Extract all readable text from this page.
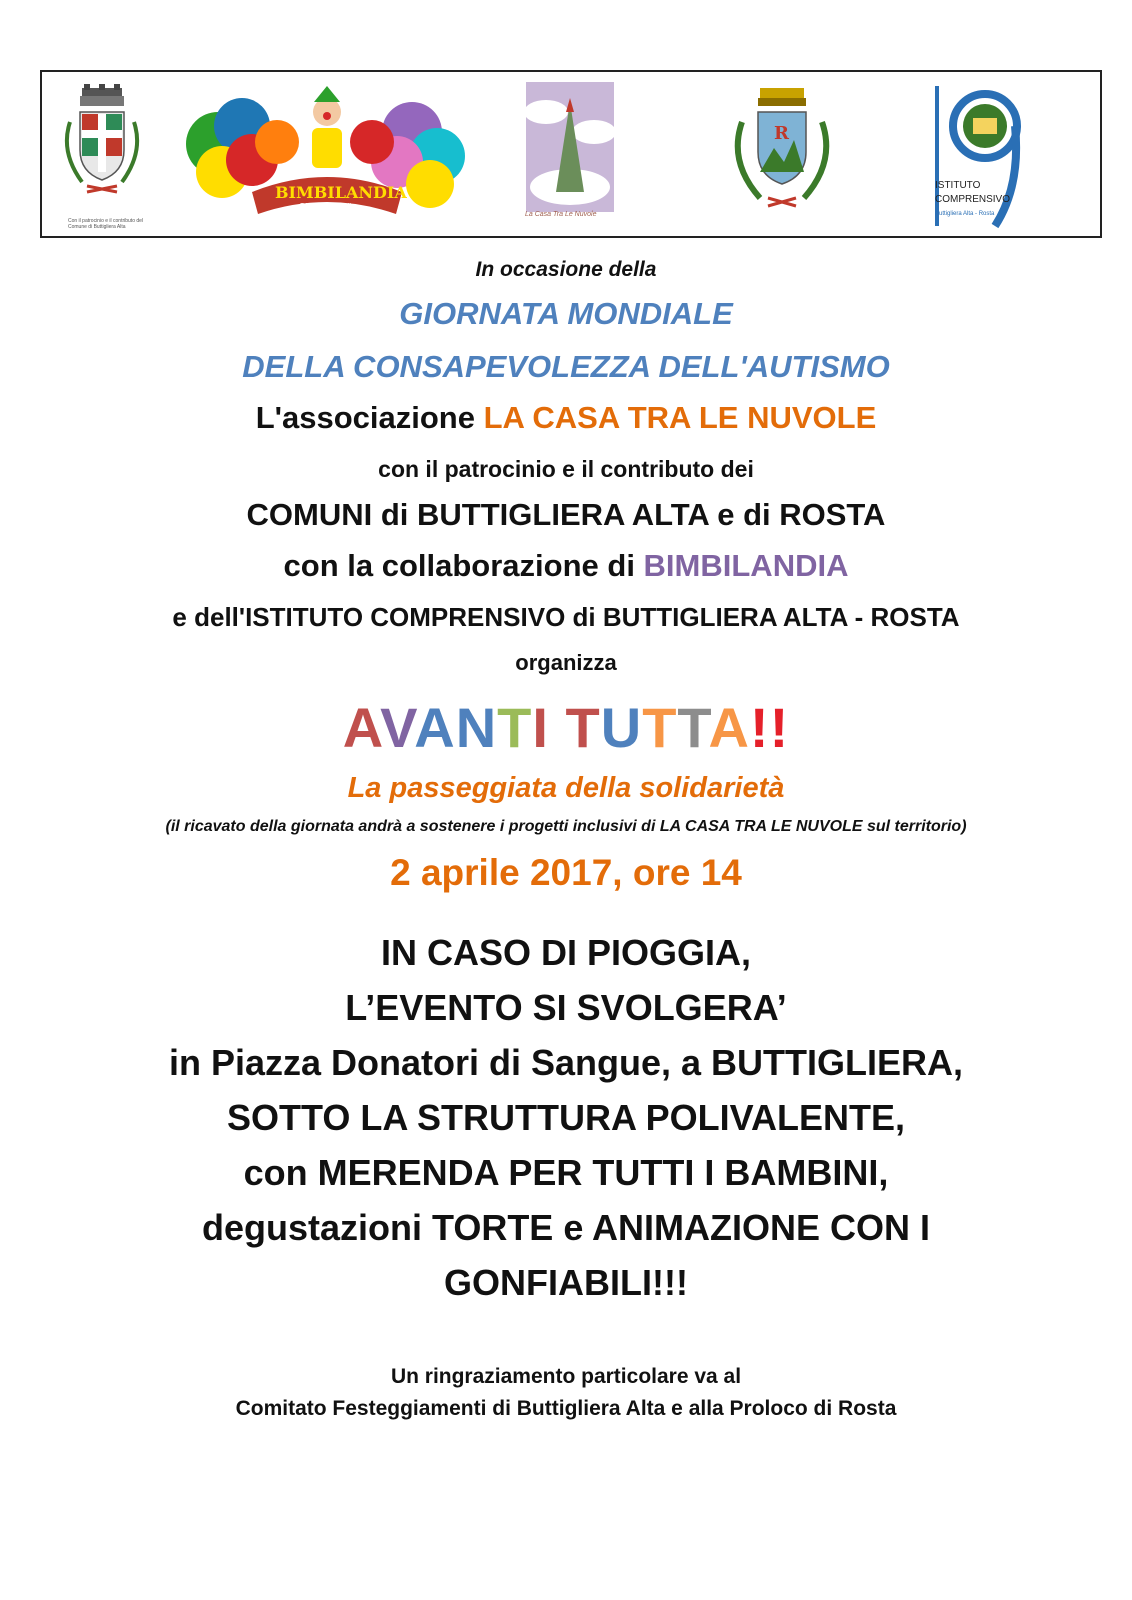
Con il patrocinio e il contributo del Comune di Buttigliera Alta
BIMBILANDIA
PARCO GIOCHI
La Casa Tra Le Nuvole
R
ISTITUTO
COMPRENSIVO
Buttigliera Alta - Rosta
In occasione della
GIORNATA MONDIALE
DELLA CONSAPEVOLEZZA DELL'AUTISMO
L'associazione LA CASA TRA LE NUVOLE
con il patrocinio e il contributo dei
COMUNI di BUTTIGLIERA ALTA e di ROSTA
con la collaborazione di BIMBILANDIA
e dell'ISTITUTO COMPRENSIVO di BUTTIGLIERA ALTA - ROSTA
organizza
AVANTI TUTTA!!
La passeggiata della solidarietà
(il ricavato della giornata andrà a sostenere i progetti inclusivi di LA CASA TRA LE NUVOLE sul territorio)
2 aprile 2017, ore 14
IN CASO DI PIOGGIA,
L’EVENTO SI SVOLGERA’
in Piazza Donatori di Sangue, a BUTTIGLIERA,
SOTTO LA STRUTTURA POLIVALENTE,
con MERENDA PER TUTTI I BAMBINI,
degustazioni TORTE e ANIMAZIONE CON I
GONFIABILI!!!
Un ringraziamento particolare va al
Comitato Festeggiamenti di Buttigliera Alta e alla Proloco di Rosta
